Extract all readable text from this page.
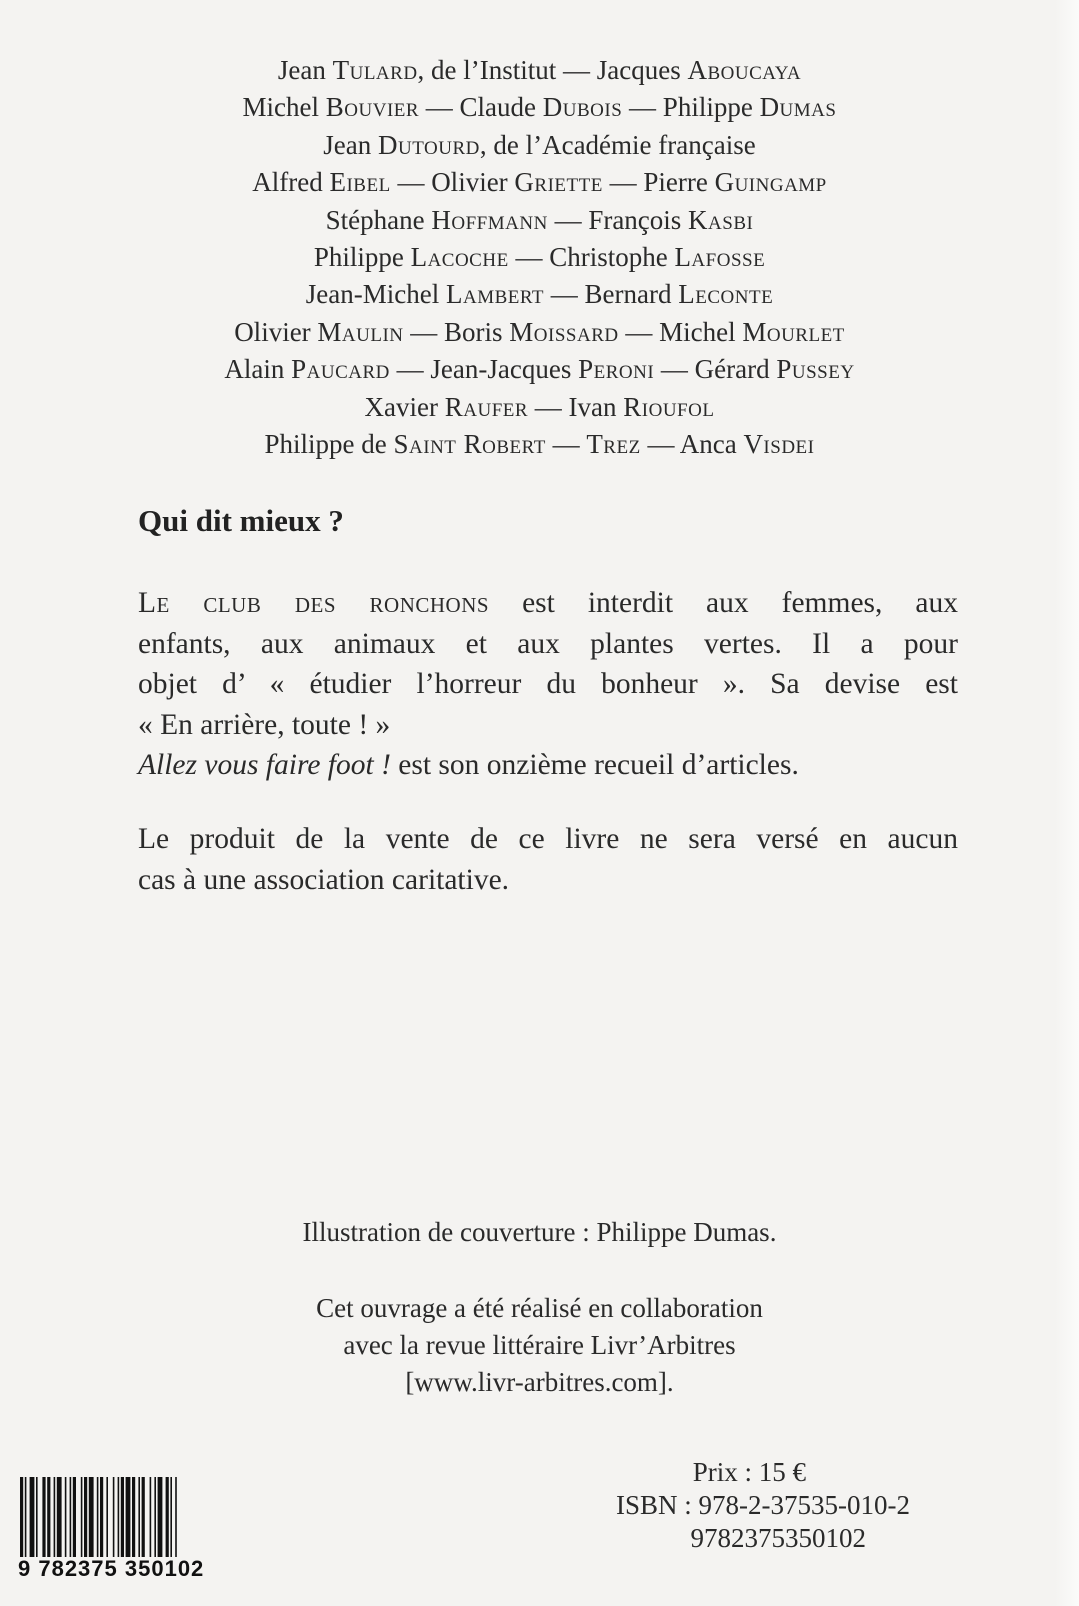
Jean Tulard, de l’Institut — Jacques Aboucaya
Michel Bouvier — Claude Dubois — Philippe Dumas
Jean Dutourd, de l’Académie française
Alfred Eibel — Olivier Griette — Pierre Guingamp
Stéphane Hoffmann — François Kasbi
Philippe Lacoche — Christophe Lafosse
Jean-Michel Lambert — Bernard Leconte
Olivier Maulin — Boris Moissard — Michel Mourlet
Alain Paucard — Jean-Jacques Peroni — Gérard Pussey
Xavier Raufer — Ivan Rioufol
Philippe de Saint Robert — Trez — Anca Visdei
Qui dit mieux ?
Le club des ronchons est interdit aux femmes, aux
enfants, aux animaux et aux plantes vertes. Il a pour
objet d’ « étudier l’horreur du bonheur ». Sa devise est
« En arrière, toute ! »
Allez vous faire foot ! est son onzième recueil d’articles.
Le produit de la vente de ce livre ne sera versé en aucun
cas à une association caritative.
Illustration de couverture : Philippe Dumas.
Cet ouvrage a été réalisé en collaboration
avec la revue littéraire Livr’Arbitres
[www.livr-arbitres.com].
Prix : 15 €
ISBN : 978-2-37535-010-2
9782375350102
9 782375 350102
